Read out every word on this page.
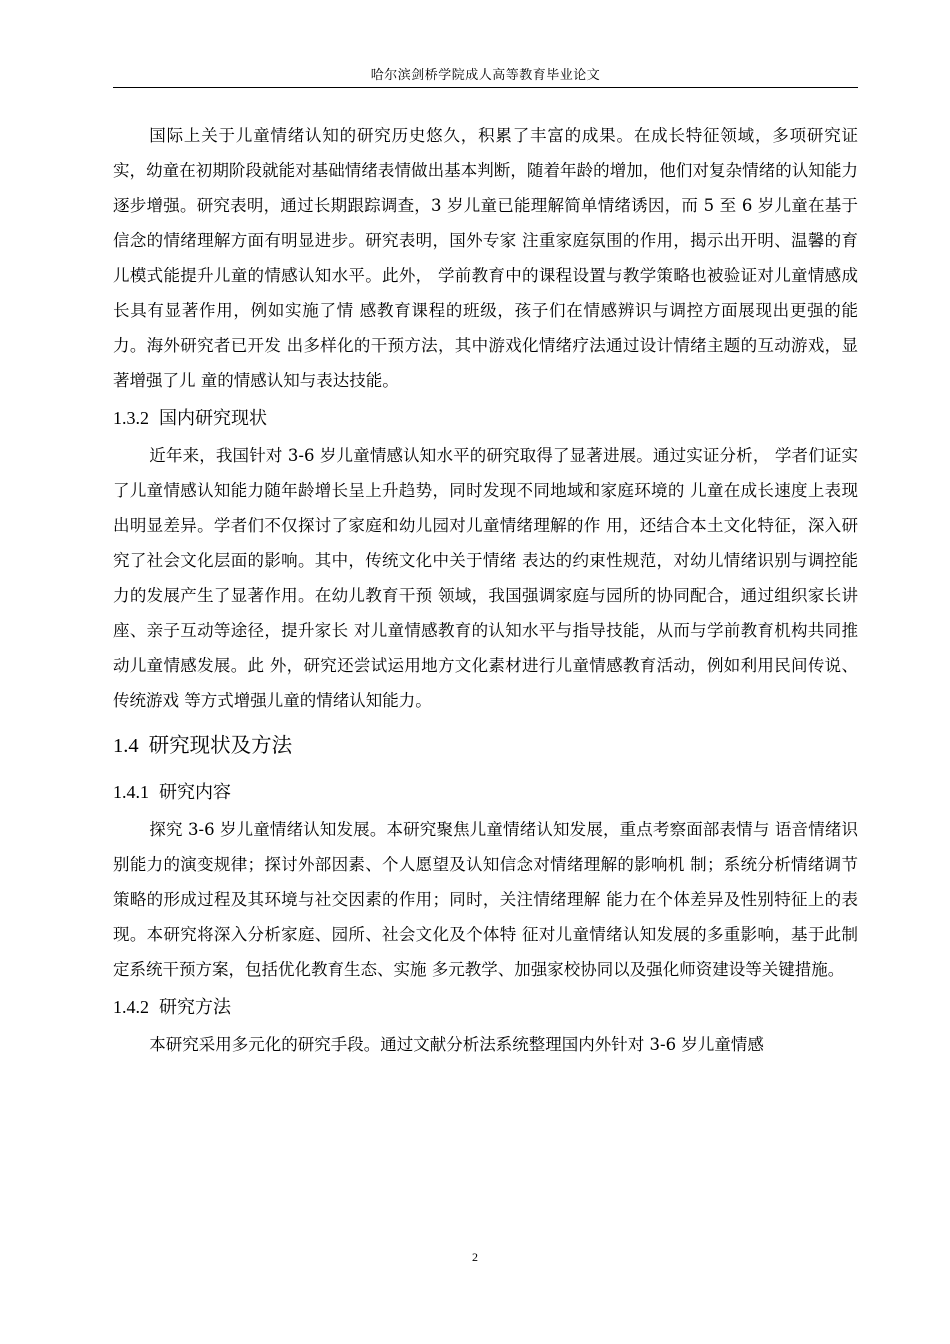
哈尔滨剑桥学院成人高等教育毕业论文

国际上关于儿童情绪认知的研究历史悠久，积累了丰富的成果。在成长特征领域，多项研究证实，幼童在初期阶段就能对基础情绪表情做出基本判断，随着年龄的增加，他们对复杂情绪的认知能力逐步增强。研究表明，通过长期跟踪调查，3 岁儿童已能理解简单情绪诱因，而 5 至 6 岁儿童在基于信念的情绪理解方面有明显进步。研究表明，国外专家 注重家庭氛围的作用，揭示出开明、温馨的育儿模式能提升儿童的情感认知水平。此外， 学前教育中的课程设置与教学策略也被验证对儿童情感成长具有显著作用，例如实施了情 感教育课程的班级，孩子们在情感辨识与调控方面展现出更强的能力。海外研究者已开发 出多样化的干预方法，其中游戏化情绪疗法通过设计情绪主题的互动游戏，显著增强了儿 童的情感认知与表达技能。

1.3.2 国内研究现状

近年来，我国针对 3-6 岁儿童情感认知水平的研究取得了显著进展。通过实证分析， 学者们证实了儿童情感认知能力随年龄增长呈上升趋势，同时发现不同地域和家庭环境的 儿童在成长速度上表现出明显差异。学者们不仅探讨了家庭和幼儿园对儿童情绪理解的作 用，还结合本土文化特征，深入研究了社会文化层面的影响。其中，传统文化中关于情绪 表达的约束性规范，对幼儿情绪识别与调控能力的发展产生了显著作用。在幼儿教育干预 领域，我国强调家庭与园所的协同配合，通过组织家长讲座、亲子互动等途径，提升家长 对儿童情感教育的认知水平与指导技能，从而与学前教育机构共同推动儿童情感发展。此 外，研究还尝试运用地方文化素材进行儿童情感教育活动，例如利用民间传说、传统游戏 等方式增强儿童的情绪认知能力。

1.4 研究现状及方法
1.4.1 研究内容

探究 3-6 岁儿童情绪认知发展。本研究聚焦儿童情绪认知发展，重点考察面部表情与 语音情绪识别能力的演变规律；探讨外部因素、个人愿望及认知信念对情绪理解的影响机 制；系统分析情绪调节策略的形成过程及其环境与社交因素的作用；同时，关注情绪理解 能力在个体差异及性别特征上的表现。本研究将深入分析家庭、园所、社会文化及个体特 征对儿童情绪认知发展的多重影响，基于此制定系统干预方案，包括优化教育生态、实施 多元教学、加强家校协同以及强化师资建设等关键措施。

1.4.2 研究方法

本研究采用多元化的研究手段。通过文献分析法系统整理国内外针对 3-6 岁儿童情感

2
